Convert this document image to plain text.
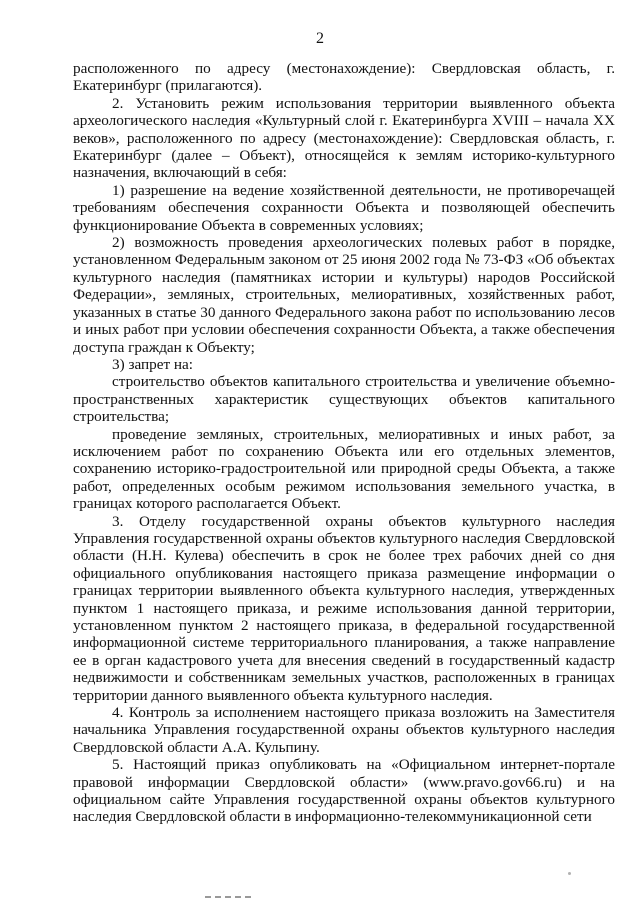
2

расположенного по адресу (местонахождение): Свердловская область, г. Екатеринбург (прилагаются).

2. Установить режим использования территории выявленного объекта археологического наследия «Культурный слой г. Екатеринбурга XVIII – начала XX веков», расположенного по адресу (местонахождение): Свердловская область, г. Екатеринбург (далее – Объект), относящейся к землям историко-культурного назначения, включающий в себя:

1) разрешение на ведение хозяйственной деятельности, не противоречащей требованиям обеспечения сохранности Объекта и позволяющей обеспечить функционирование Объекта в современных условиях;

2) возможность проведения археологических полевых работ в порядке, установленном Федеральным законом от 25 июня 2002 года № 73-ФЗ «Об объектах культурного наследия (памятниках истории и культуры) народов Российской Федерации», земляных, строительных, мелиоративных, хозяйственных работ, указанных в статье 30 данного Федерального закона работ по использованию лесов и иных работ при условии обеспечения сохранности Объекта, а также обеспечения доступа граждан к Объекту;

3) запрет на:

строительство объектов капитального строительства и увеличение объемно-пространственных характеристик существующих объектов капитального строительства;

проведение земляных, строительных, мелиоративных и иных работ, за исключением работ по сохранению Объекта или его отдельных элементов, сохранению историко-градостроительной или природной среды Объекта, а также работ, определенных особым режимом использования земельного участка, в границах которого располагается Объект.

3. Отделу государственной охраны объектов культурного наследия Управления государственной охраны объектов культурного наследия Свердловской области (Н.Н. Кулева) обеспечить в срок не более трех рабочих дней со дня официального опубликования настоящего приказа размещение информации о границах территории выявленного объекта культурного наследия, утвержденных пунктом 1 настоящего приказа, и режиме использования данной территории, установленном пунктом 2 настоящего приказа, в федеральной государственной информационной системе территориального планирования, а также направление ее в орган кадастрового учета для внесения сведений в государственный кадастр недвижимости и собственникам земельных участков, расположенных в границах территории данного выявленного объекта культурного наследия.

4. Контроль за исполнением настоящего приказа возложить на Заместителя начальника Управления государственной охраны объектов культурного наследия Свердловской области А.А. Кульпину.

5. Настоящий приказ опубликовать на «Официальном интернет-портале правовой информации Свердловской области» (www.pravo.gov66.ru) и на официальном сайте Управления государственной охраны объектов культурного наследия Свердловской области в информационно-телекоммуникационной сети
